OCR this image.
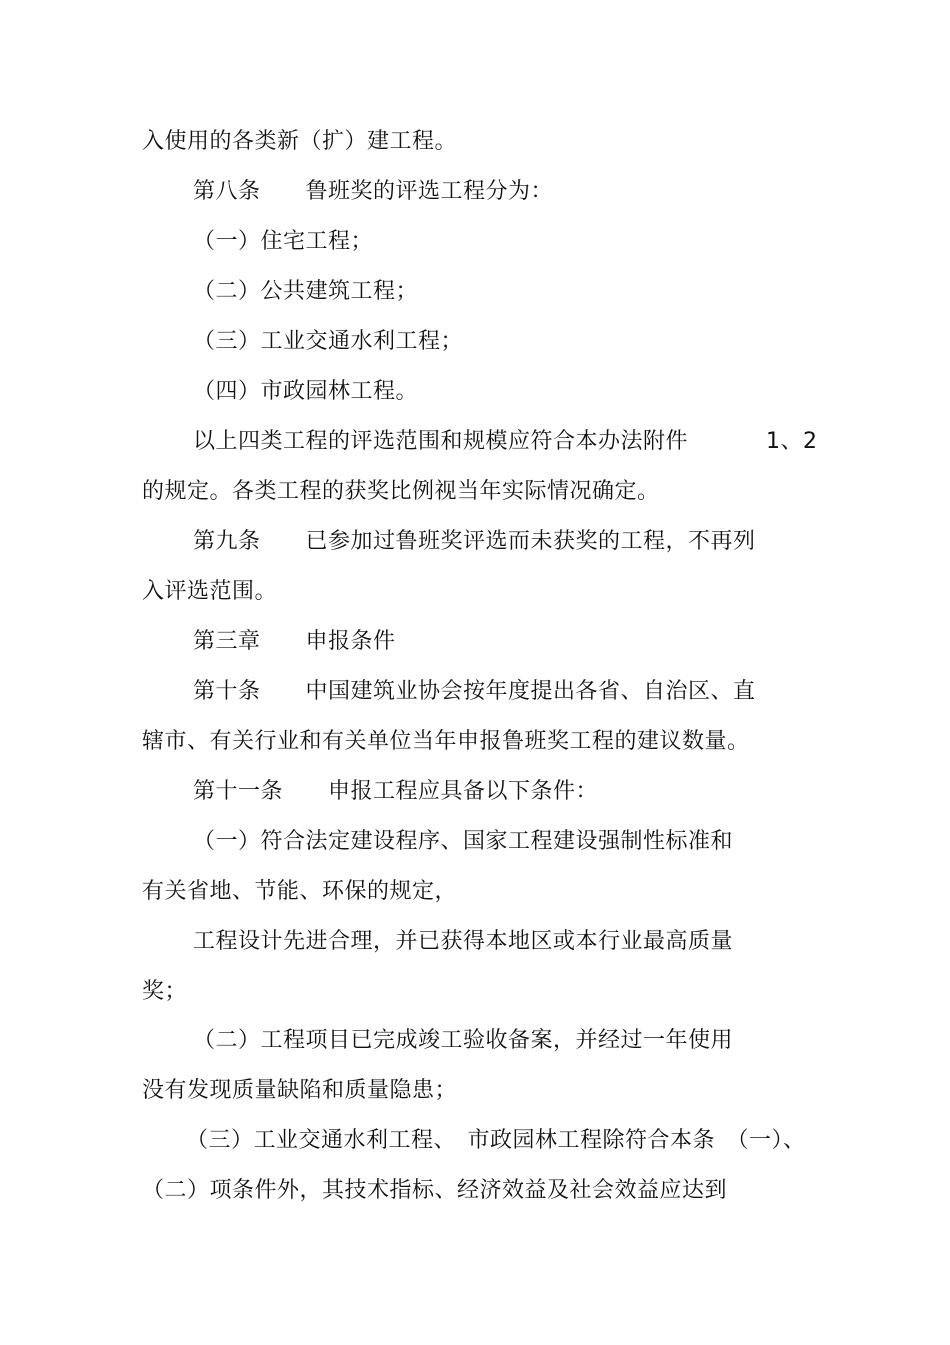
入使用的各类新（扩）建工程。
第八条　　鲁班奖的评选工程分为：
（一）住宅工程；
（二）公共建筑工程；
（三）工业交通水利工程；
（四）市政园林工程。
以上四类工程的评选范围和规模应符合本办法附件	1、2
的规定。各类工程的获奖比例视当年实际情况确定。
第九条　　已参加过鲁班奖评选而未获奖的工程，不再列
入评选范围。
第三章　　申报条件
第十条　　中国建筑业协会按年度提出各省、自治区、直
辖市、有关行业和有关单位当年申报鲁班奖工程的建议数量。
第十一条　　申报工程应具备以下条件：
（一）符合法定建设程序、国家工程建设强制性标准和
有关省地、节能、环保的规定，
工程设计先进合理，并已获得本地区或本行业最高质量
奖；
（二）工程项目已完成竣工验收备案，并经过一年使用
没有发现质量缺陷和质量隐患；
（三）工业交通水利工程、　市政园林工程除符合本条　（一）、
（二）项条件外，其技术指标、经济效益及社会效益应达到
